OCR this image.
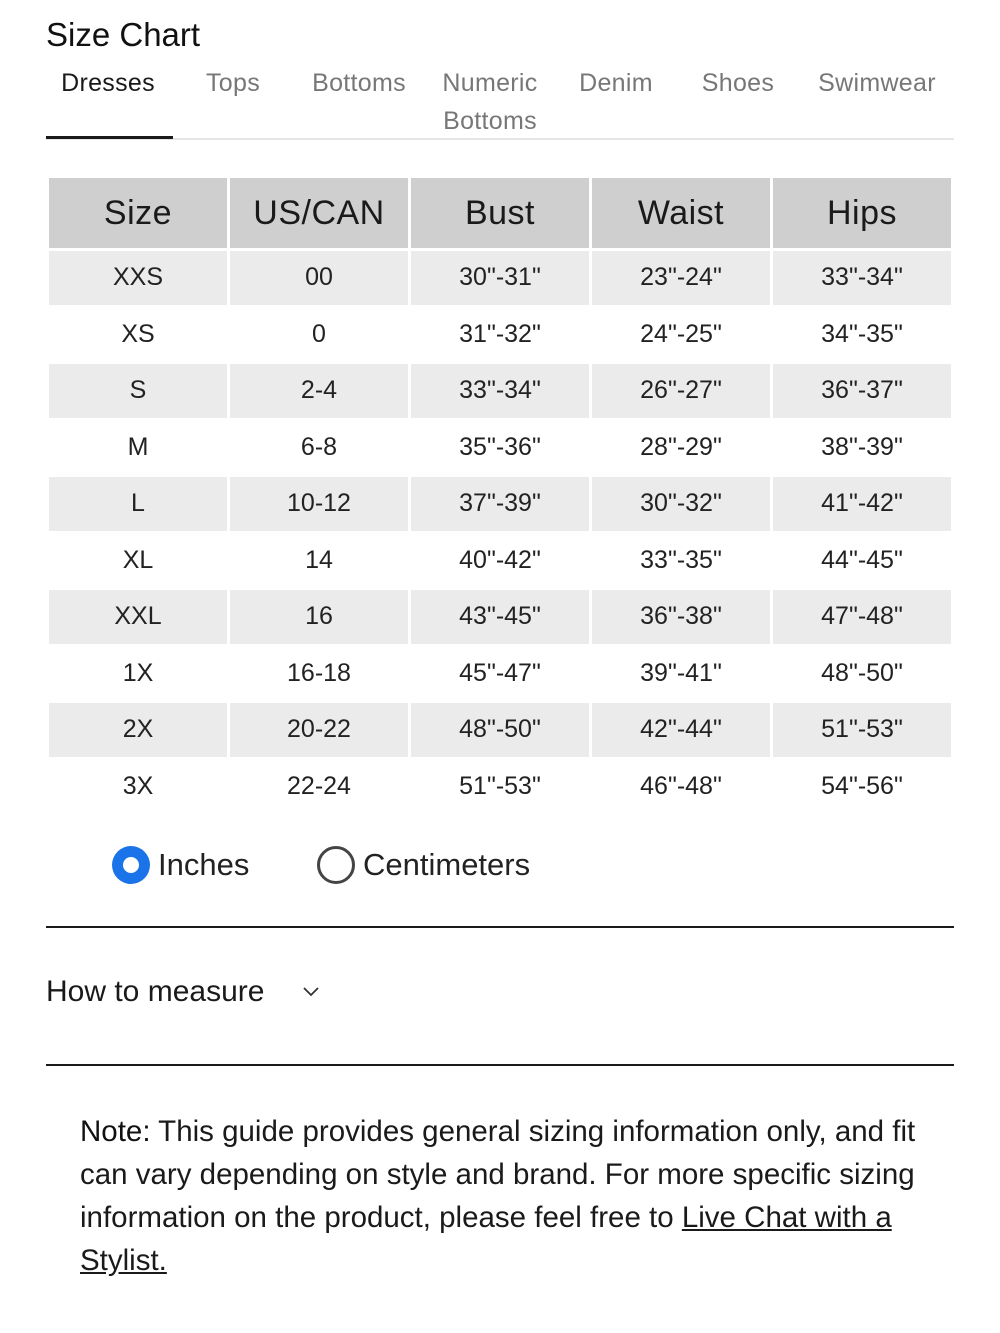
Size Chart
Dresses	Tops	Bottoms	Numeric Bottoms
Denim Shoes Swimwear
Size	US/CAN	Bust	Waist	Hips
XXS	00	30"-31"	23"-24"	33"-34"
XS	0	31"-32"	24"-25"	34"-35"
S	2-4	33"-34"	26"-27"	36"-37"
M	6-8	35"-36"	28"-29"	38"-39"
L	10-12	37"-39"	30"-32"	41"-42"
XL	14	40"-42"	33"-35"	44"-45"
XXL	16	43"-45"	36"-38"	47"-48"
1X	16-18	45"-47"	39"-41"	48"-50"
2X	20-22	48"-50"	42"-44"	51"-53"
3X	22-24	51"-53"	46"-48"	54"-56"
Inches	Centimeters
How to measure
Note: This guide provides general sizing information only, and fit can vary depending on style and brand. For more specific sizing information on the product, please feel free to Live Chat with a Stylist.
